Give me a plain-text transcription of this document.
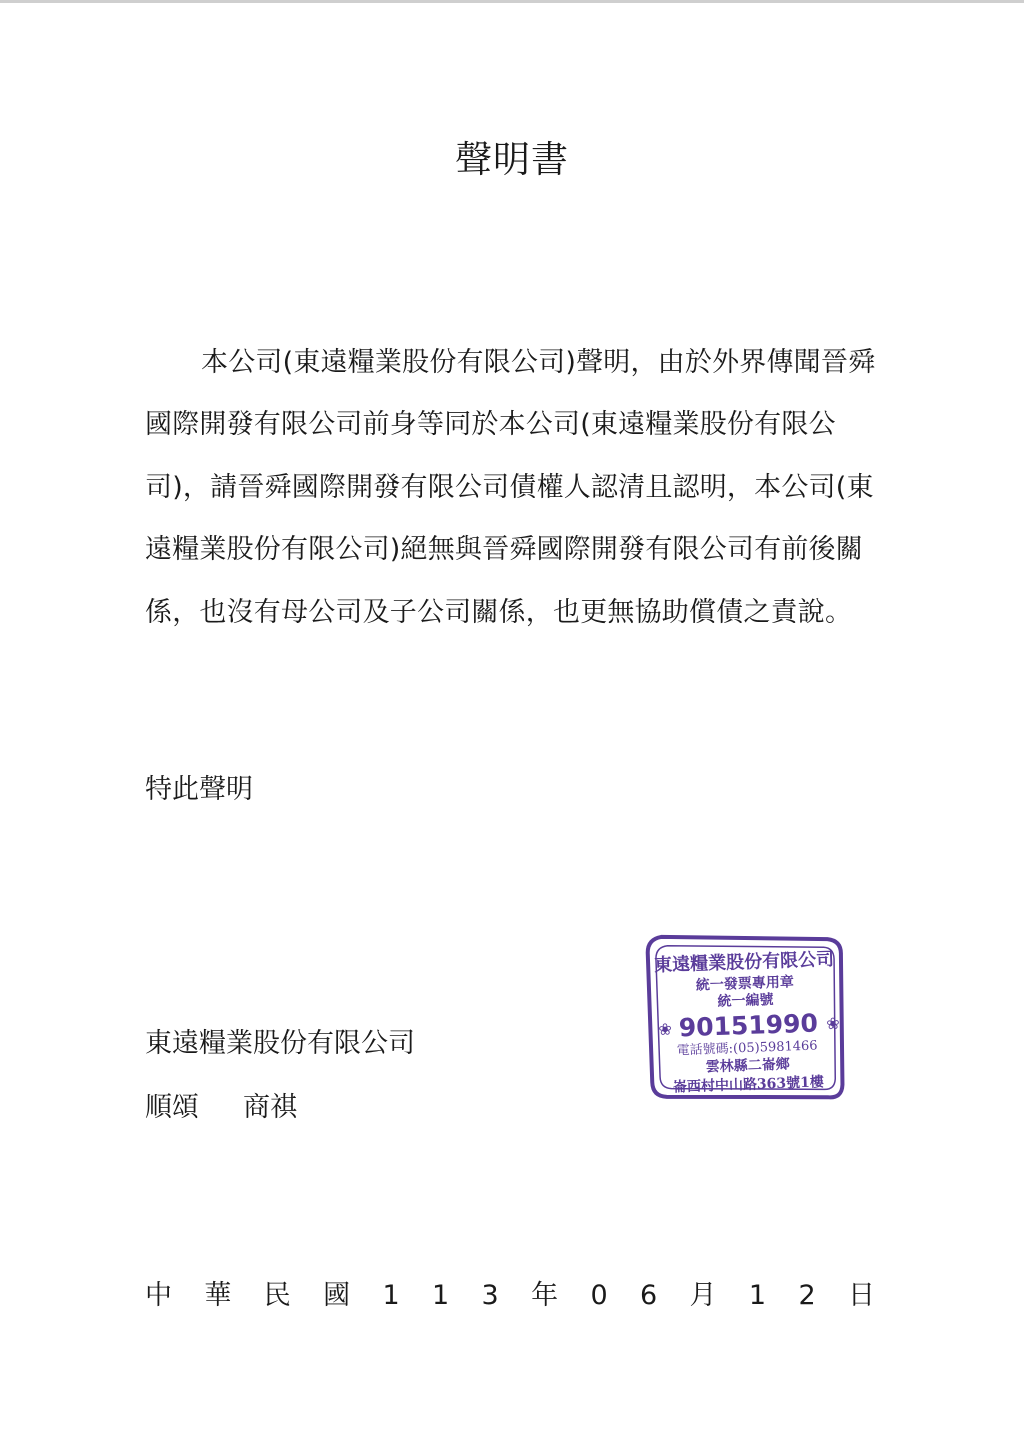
聲明書

本公司(東遠糧業股份有限公司)聲明，由於外界傳聞晉舜國際開發有限公司前身等同於本公司(東遠糧業股份有限公司)，請晉舜國際開發有限公司債權人認清且認明，本公司(東遠糧業股份有限公司)絕無與晉舜國際開發有限公司有前後關係，也沒有母公司及子公司關係，也更無協助償債之責說。

特此聲明
東遠糧業股份有限公司
順頌 商祺
中 華 民 國 1 1 3 年 0 6 月 1 2 日
東遠糧業股份有限公司
統一發票專用章
統一編號
❀ 90151990 ❀
電話號碼:(05)5981466
雲林縣二崙鄉
崙西村中山路363號1樓
